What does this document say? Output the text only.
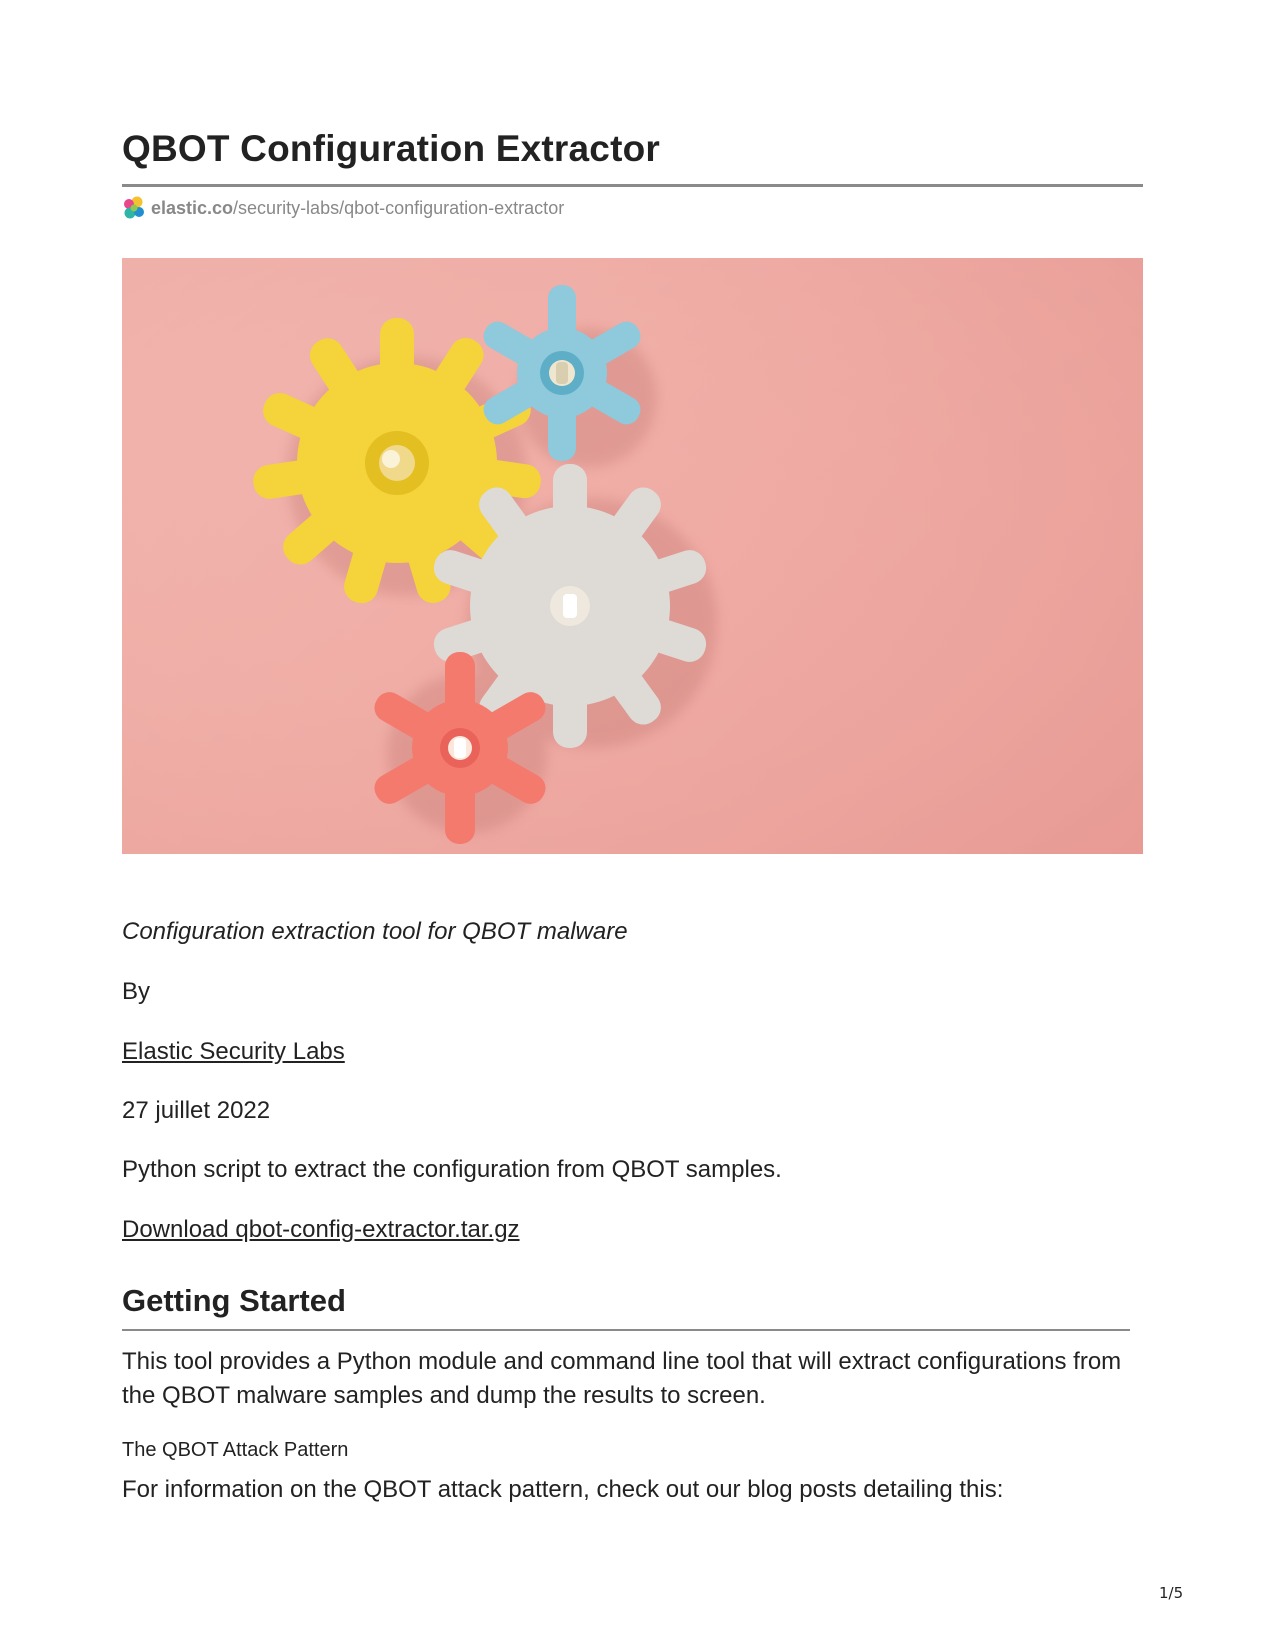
QBOT Configuration Extractor
elastic.co /security-labs/qbot-configuration-extractor
Configuration extraction tool for QBOT malware

By

Elastic Security Labs

27 juillet 2022

Python script to extract the configuration from QBOT samples.

Download qbot-config-extractor.tar.gz

Getting Started

This tool provides a Python module and command line tool that will extract configurations from the QBOT malware samples and dump the results to screen.

The QBOT Attack Pattern

For information on the QBOT attack pattern, check out our blog posts detailing this:

1/5
